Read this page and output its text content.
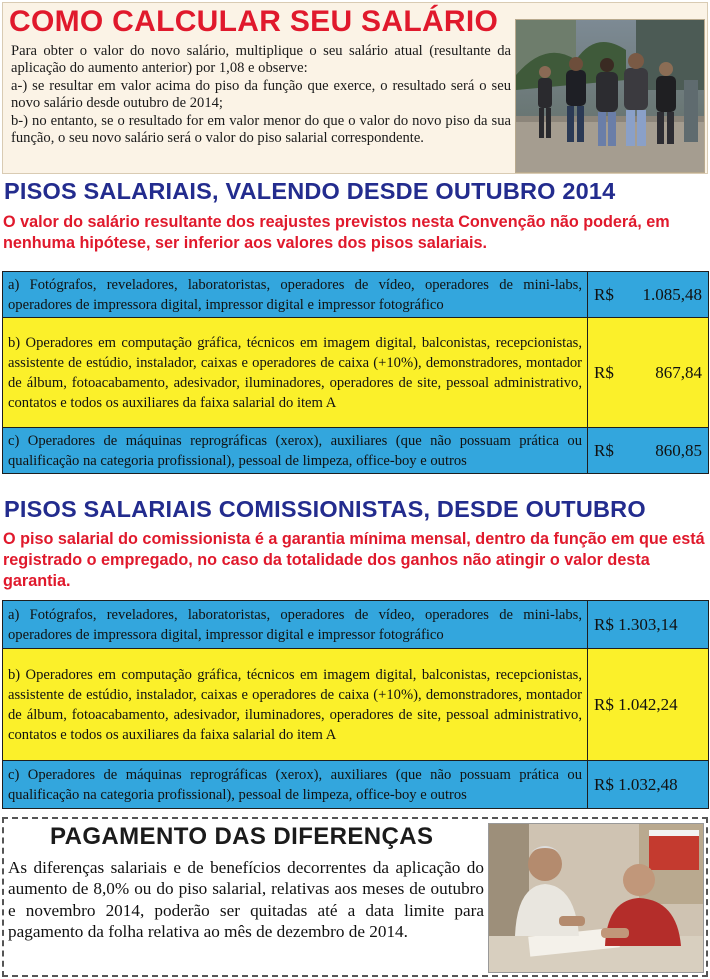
COMO CALCULAR SEU SALÁRIO

Para obter o valor do novo salário, multiplique o seu salário atual (resultante da aplicação do aumento anterior) por 1,08 e observe:

a-) se resultar em valor acima do piso da função que exerce, o resultado será o seu novo salário desde outubro de 2014;

b-) no entanto, se o resultado for em valor menor do que o valor do novo piso da sua função, o seu novo salário será o valor do piso salarial correspondente.

PISOS SALARIAIS, VALENDO DESDE OUTUBRO 2014
O valor do salário resultante dos reajustes previstos nesta Convenção não poderá, em nenhuma hipótese, ser inferior aos valores dos pisos salariais.
a) Fotógrafos, reveladores, laboratoristas, operadores de vídeo, operadores de mini-labs, operadores de impressora digital, impressor digital e impressor fotográfico	R$ 1.085,48

b) Operadores em computação gráfica, técnicos em imagem digital, balconistas, recepcionistas, assistente de estúdio, instalador, caixas e operadores de caixa (+10%), demonstradores, montador de álbum, fotoacabamento, adesivador, iluminadores, operadores de site, pessoal administrativo, contatos e todos os auxiliares da faixa salarial do item A	R$ 867,84

c) Operadores de máquinas reprográficas (xerox), auxiliares (que não possuam prática ou qualificação na categoria profissional), pessoal de limpeza, office-boy e outros	R$ 860,85
PISOS SALARIAIS COMISSIONISTAS, DESDE OUTUBRO
O piso salarial do comissionista é a garantia mínima mensal, dentro da função em que está registrado o empregado, no caso da totalidade dos ganhos não atingir o valor desta garantia.
a) Fotógrafos, reveladores, laboratoristas, operadores de vídeo, operadores de mini-labs, operadores de impressora digital, impressor digital e impressor fotográfico	R$ 1.303,14
b) Operadores em computação gráfica, técnicos em imagem digital, balconistas, recepcionistas, assistente de estúdio, instalador, caixas e operadores de caixa (+10%), demonstradores, montador de álbum, fotoacabamento, adesivador, iluminadores, operadores de site, pessoal administrativo, contatos e todos os auxiliares da faixa salarial do item A	R$ 1.042,24
c) Operadores de máquinas reprográficas (xerox), auxiliares (que não possuam prática ou qualificação na categoria profissional), pessoal de limpeza, office-boy e outros	R$ 1.032,48
PAGAMENTO DAS DIFERENÇAS
As diferenças salariais e de benefícios decorrentes da aplicação do aumento de 8,0% ou do piso salarial, relativas aos meses de outubro e novembro 2014, poderão ser quitadas até a data limite para pagamento da folha relativa ao mês de dezembro de 2014.
